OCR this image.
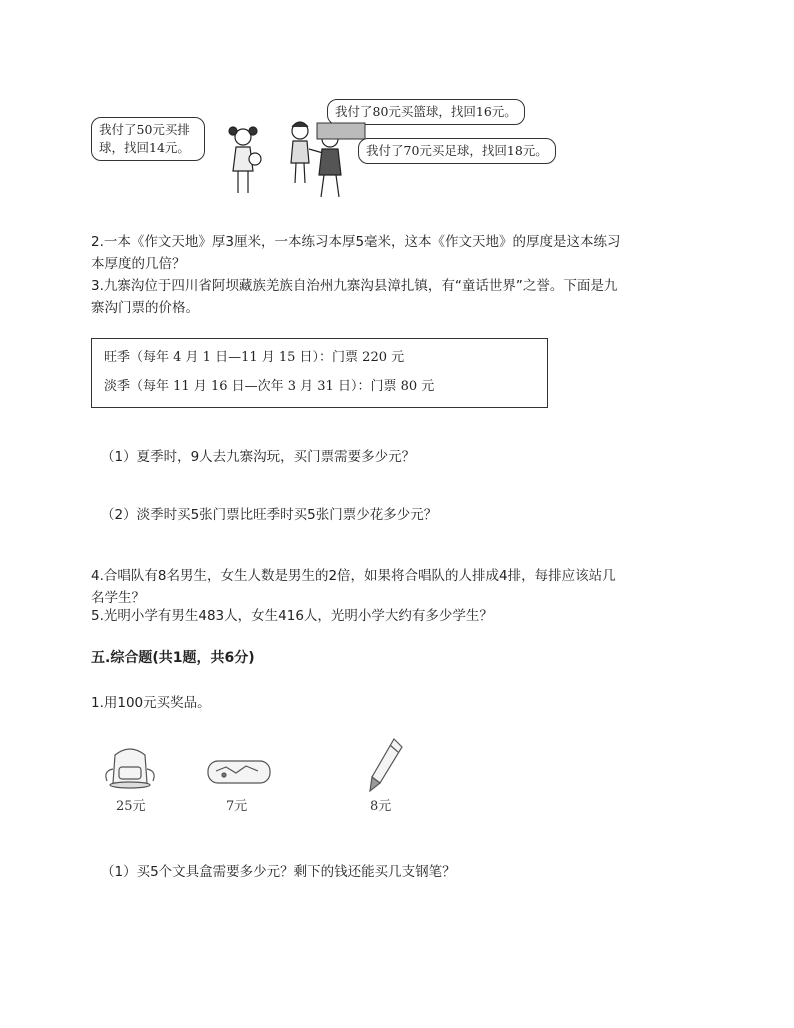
我付了50元买排
球，找回14元。
我付了80元买篮球，找回16元。
我付了70元买足球，找回18元。
2.一本《作文天地》厚3厘米，一本练习本厚5毫米，这本《作文天地》的厚度是这本练习
本厚度的几倍？
3.九寨沟位于四川省阿坝藏族羌族自治州九寨沟县漳扎镇，有“童话世界”之誉。下面是九
寨沟门票的价格。
旺季（每年 4 月 1 日—11 月 15 日）：门票 220 元
淡季（每年 11 月 16 日—次年 3 月 31 日）：门票 80 元
（1）夏季时，9人去九寨沟玩，买门票需要多少元？
（2）淡季时买5张门票比旺季时买5张门票少花多少元？
4.合唱队有8名男生，女生人数是男生的2倍，如果将合唱队的人排成4排，每排应该站几
名学生？
5.光明小学有男生483人，女生416人，光明小学大约有多少学生？
五.综合题(共1题，共6分)
1.用100元买奖品。
25元	7元	8元
（1）买5个文具盒需要多少元？剩下的钱还能买几支钢笔？
